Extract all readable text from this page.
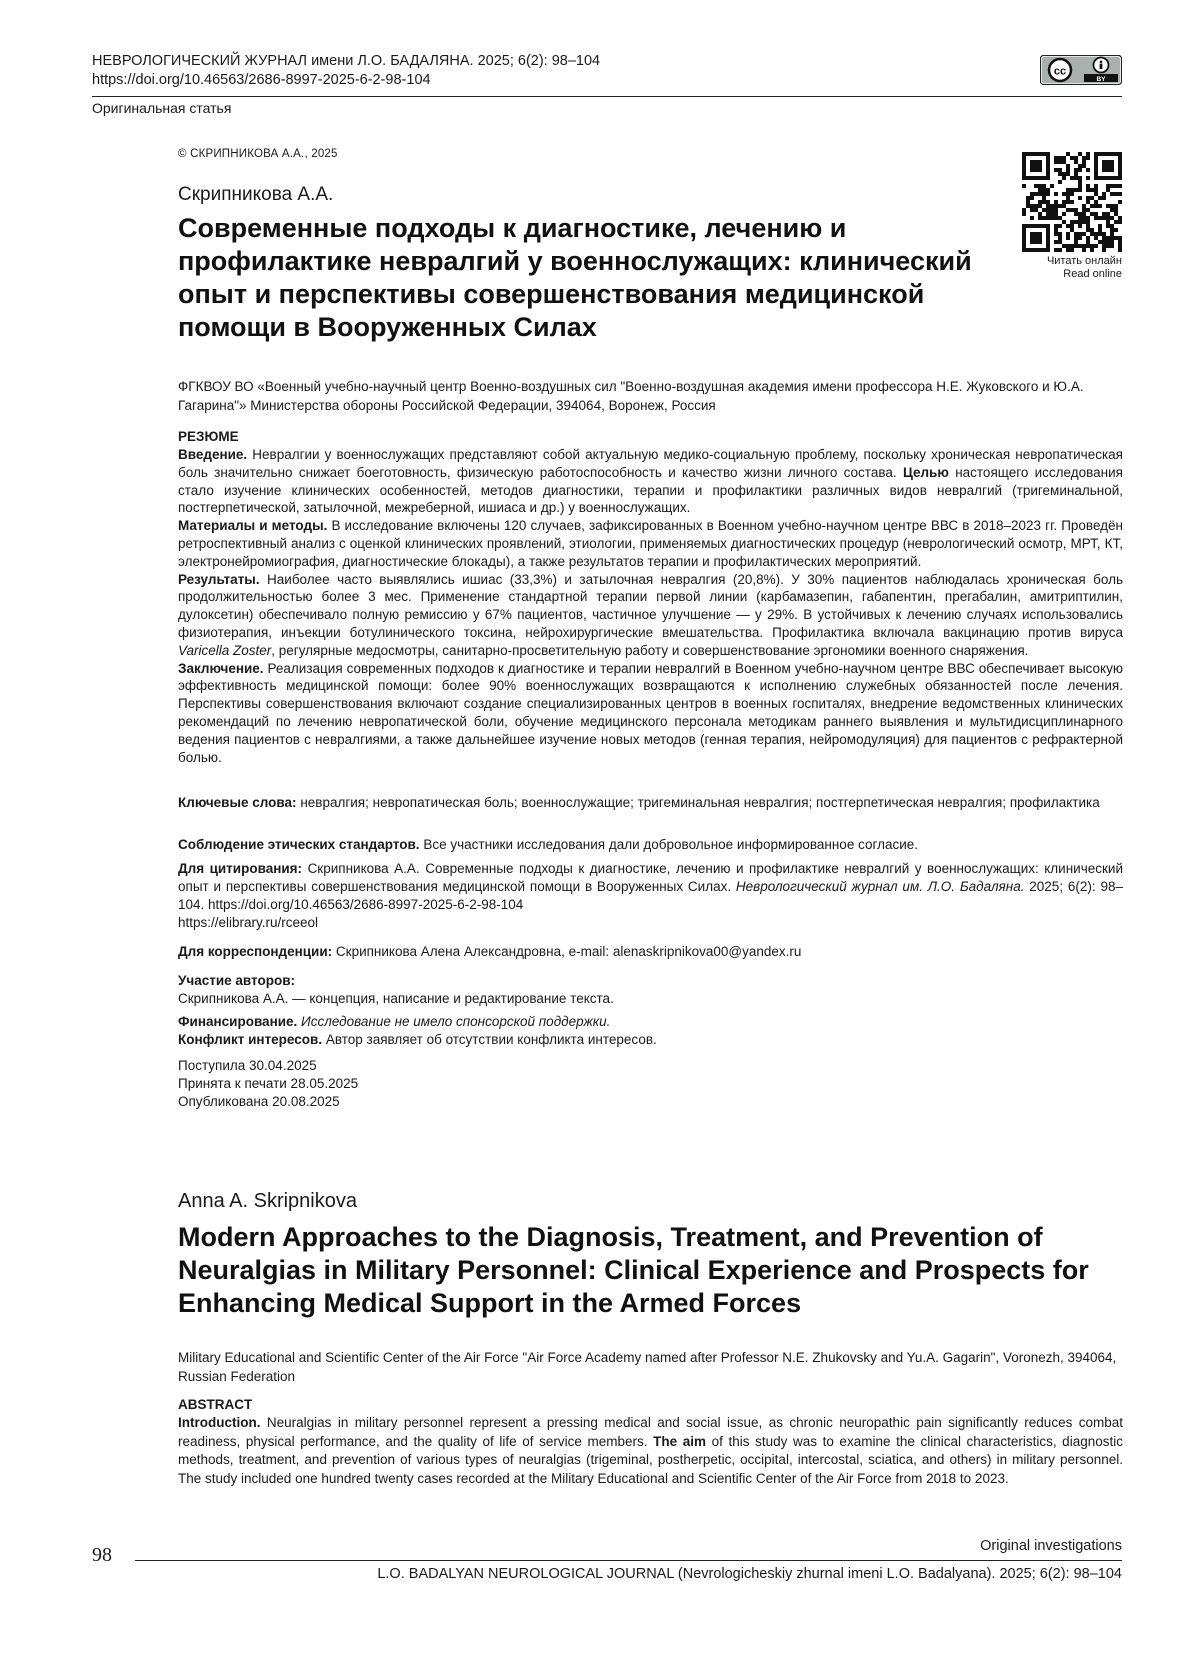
НЕВРОЛОГИЧЕСКИЙ ЖУРНАЛ имени Л.О. БАДАЛЯНА. 2025; 6(2): 98–104
https://doi.org/10.46563/2686-8997-2025-6-2-98-104
Оригинальная статья
cc
BY
© СКРИПНИКОВА А.А., 2025
Скрипникова А.А.
Современные подходы к диагностике, лечению и профилактике невралгий у военнослужащих: клинический опыт и перспективы совершенствования медицинской помощи в Вооруженных Силах
Читать онлайн
Read online
ФГКВОУ ВО «Военный учебно-научный центр Военно-воздушных сил "Военно-воздушная академия имени профессора Н.Е. Жуковского и Ю.А. Гагарина"» Министерства обороны Российской Федерации, 394064, Воронеж, Россия
РЕЗЮМЕ

Введение. Невралгии у военнослужащих представляют собой актуальную медико-социальную проблему, поскольку хроническая невропатическая боль значительно снижает боеготовность, физическую работоспособность и качество жизни личного состава. Целью настоящего исследования стало изучение клинических особенностей, методов диагностики, терапии и профилактики различных видов невралгий (тригеминальной, постгерпетической, затылочной, межреберной, ишиаса и др.) у военнослужащих.

Материалы и методы. В исследование включены 120 случаев, зафиксированных в Военном учебно-научном центре ВВС в 2018–2023 гг. Проведён ретроспективный анализ с оценкой клинических проявлений, этиологии, применяемых диагностических процедур (неврологический осмотр, МРТ, КТ, электронейромиография, диагностические блокады), а также результатов терапии и профилактических мероприятий.

Результаты. Наиболее часто выявлялись ишиас (33,3%) и затылочная невралгия (20,8%). У 30% пациентов наблюдалась хроническая боль продолжительностью более 3 мес. Применение стандартной терапии первой линии (карбамазепин, габапентин, прегабалин, амитриптилин, дулоксетин) обеспечивало полную ремиссию у 67% пациентов, частичное улучшение — у 29%. В устойчивых к лечению случаях использовались физиотерапия, инъекции ботулинического токсина, нейрохирургические вмешательства. Профилактика включала вакцинацию против вируса Varicella Zoster, регулярные медосмотры, санитарно-просветительную работу и совершенствование эргономики военного снаряжения.

Заключение. Реализация современных подходов к диагностике и терапии невралгий в Военном учебно-научном центре ВВС обеспечивает высокую эффективность медицинской помощи: более 90% военнослужащих возвращаются к исполнению служебных обязанностей после лечения. Перспективы совершенствования включают создание специализированных центров в военных госпиталях, внедрение ведомственных клинических рекомендаций по лечению невропатической боли, обучение медицинского персонала методикам раннего выявления и мультидисциплинарного ведения пациентов с невралгиями, а также дальнейшее изучение новых методов (генная терапия, нейромодуляция) для пациентов с рефрактерной болью.

Ключевые слова: невралгия; невропатическая боль; военнослужащие; тригеминальная невралгия; постгерпетическая невралгия; профилактика

Соблюдение этических стандартов. Все участники исследования дали добровольное информированное согласие.

Для цитирования: Скрипникова А.А. Современные подходы к диагностике, лечению и профилактике невралгий у военнослужащих: клинический опыт и перспективы совершенствования медицинской помощи в Вооруженных Силах. Неврологический журнал им. Л.О. Бадаляна. 2025; 6(2): 98–104. https://doi.org/10.46563/2686-8997-2025-6-2-98-104

https://elibrary.ru/rceeol

Для корреспонденции: Скрипникова Алена Александровна, e-mail: alenaskripnikova00@yandex.ru

Участие авторов:

Скрипникова А.А. — концепция, написание и редактирование текста.

Финансирование. Исследование не имело спонсорской поддержки.

Конфликт интересов. Автор заявляет об отсутствии конфликта интересов.

Поступила 30.04.2025

Принята к печати 28.05.2025

Опубликована 20.08.2025

Anna A. Skripnikova
Modern Approaches to the Diagnosis, Treatment, and Prevention of Neuralgias in Military Personnel: Clinical Experience and Prospects for Enhancing Medical Support in the Armed Forces
Military Educational and Scientific Center of the Air Force "Air Force Academy named after Professor N.E. Zhukovsky and Yu.A. Gagarin", Voronezh, 394064, Russian Federation
ABSTRACT

Introduction. Neuralgias in military personnel represent a pressing medical and social issue, as chronic neuropathic pain significantly reduces combat readiness, physical performance, and the quality of life of service members. The aim of this study was to examine the clinical characteristics, diagnostic methods, treatment, and prevention of various types of neuralgias (trigeminal, postherpetic, occipital, intercostal, sciatica, and others) in military personnel. The study included one hundred twenty cases recorded at the Military Educational and Scientific Center of the Air Force from 2018 to 2023.

98	Original investigations
L.O. BADALYAN NEUROLOGICAL JOURNAL (Nevrologicheskiy zhurnal imeni L.O. Badalyana). 2025; 6(2): 98–104
